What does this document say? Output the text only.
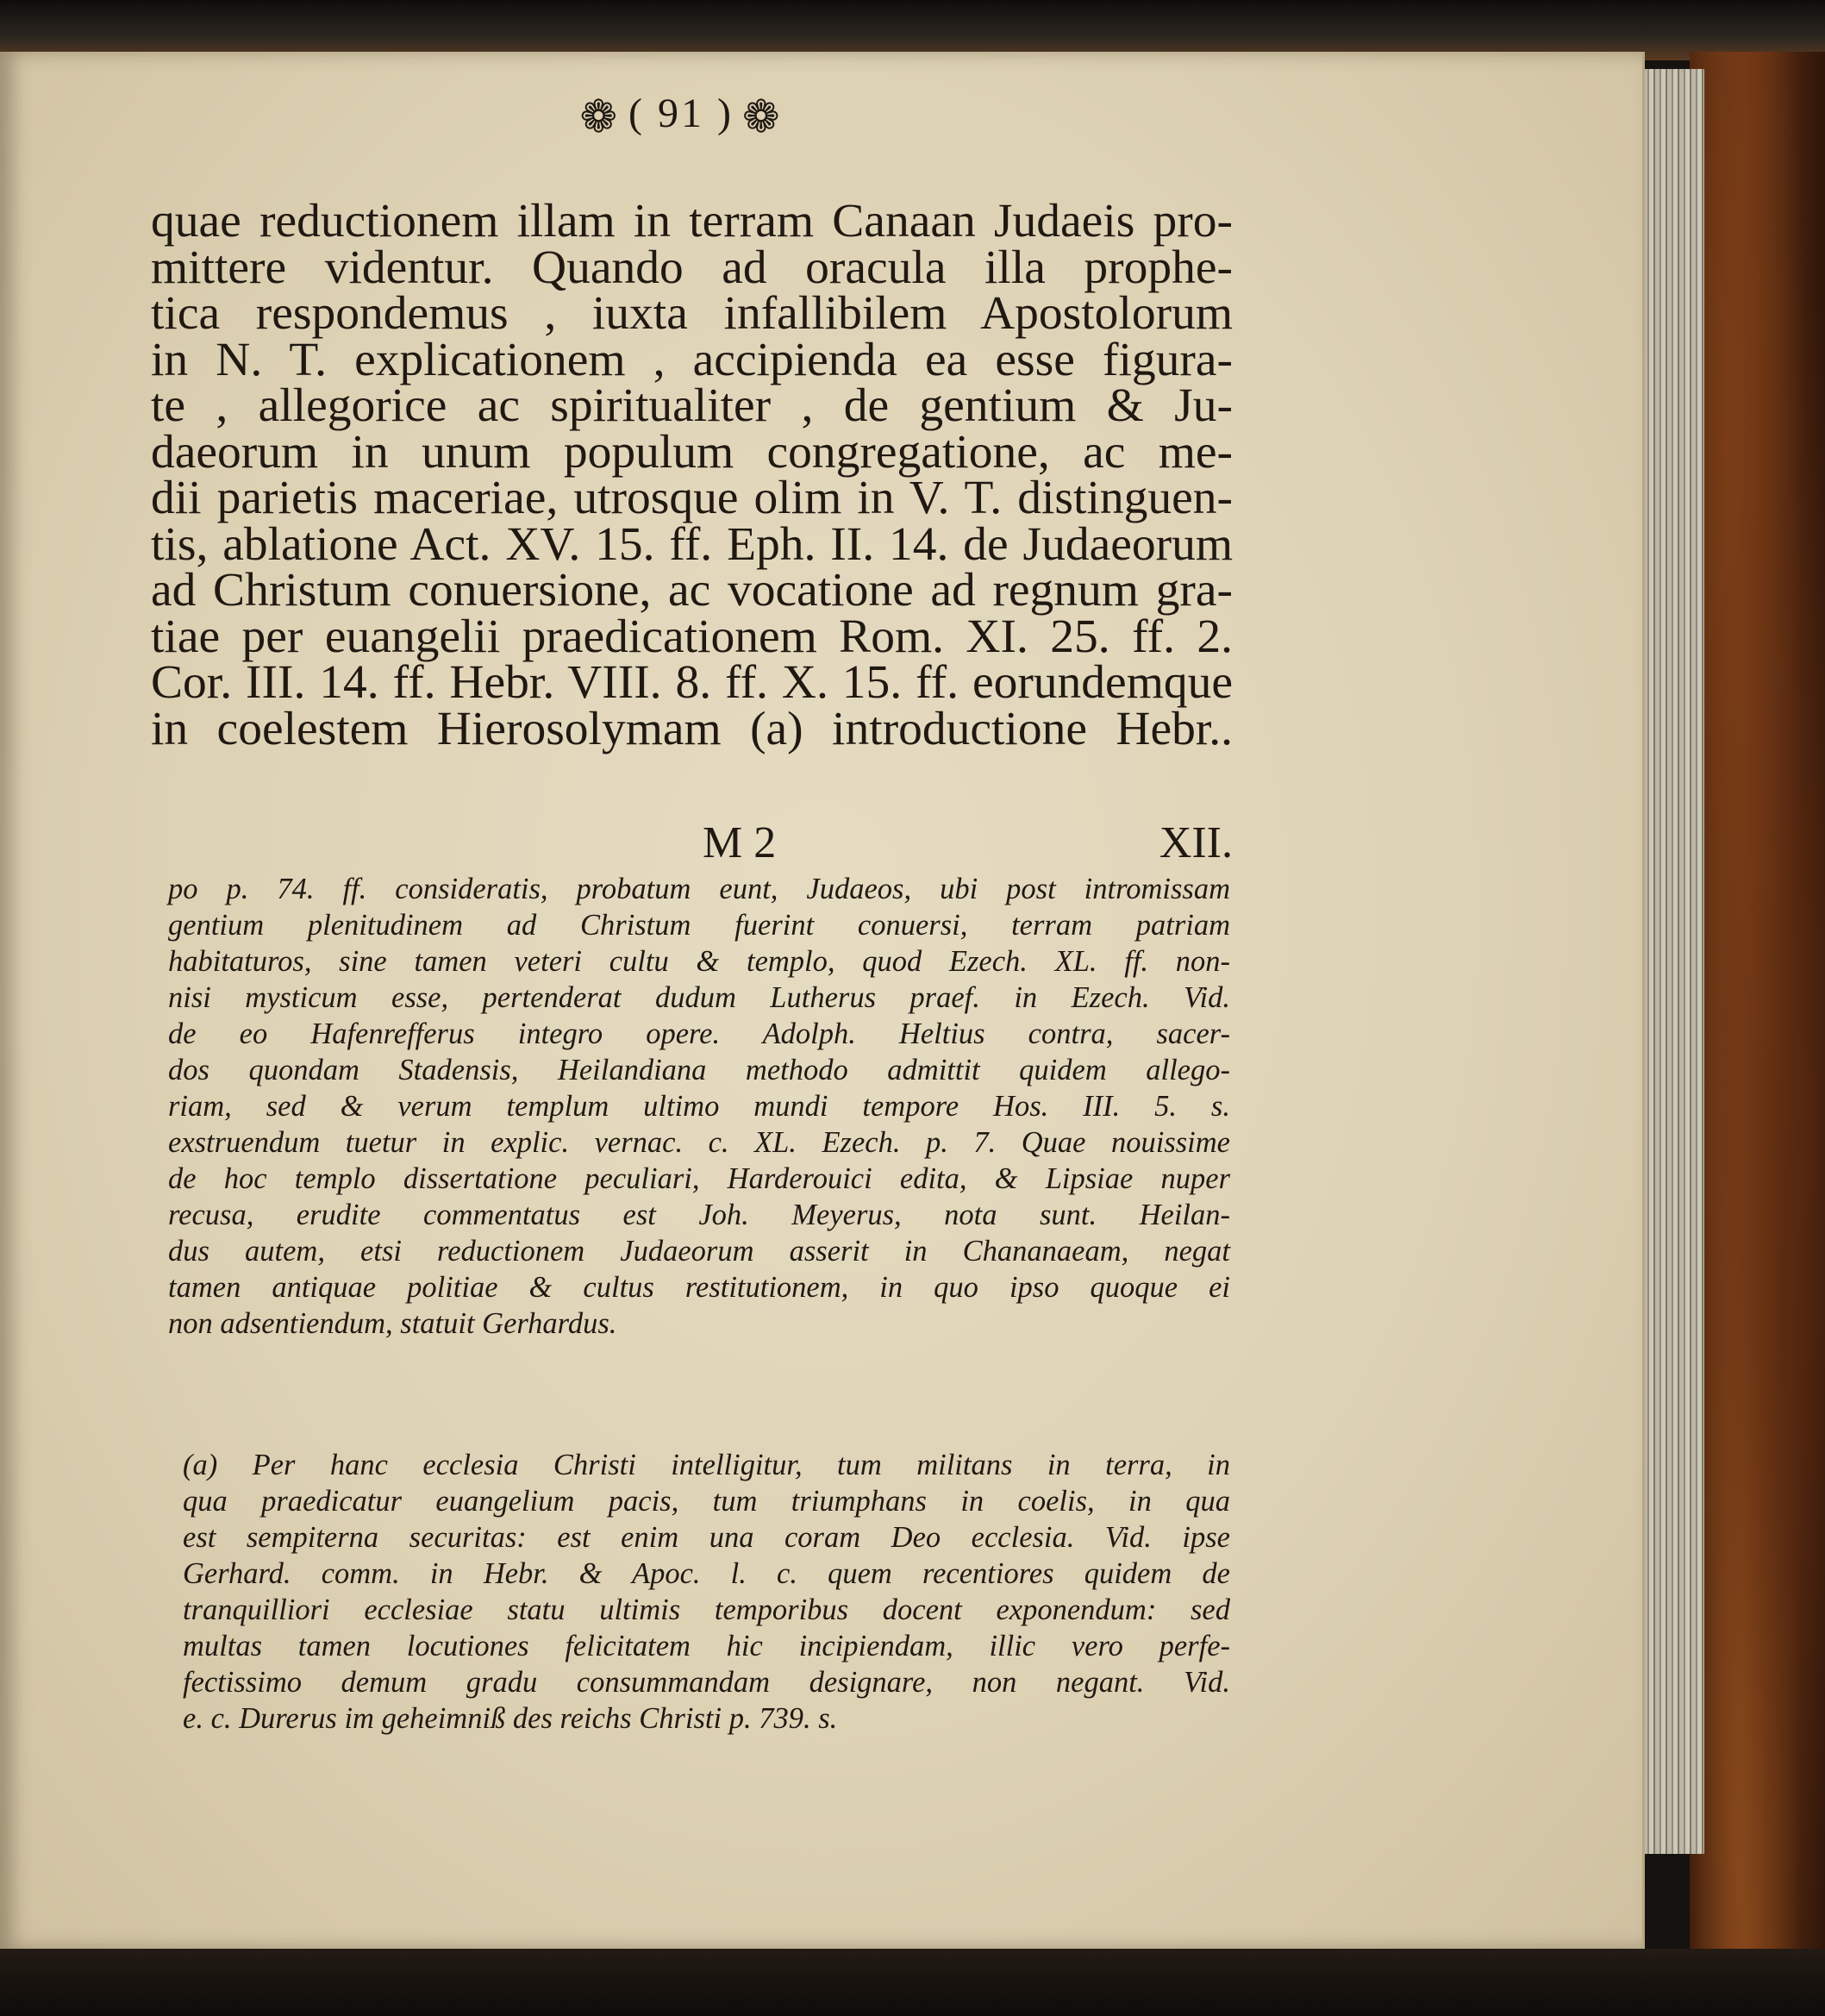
❁ ( 91 ) ❁
quae reductionem illam in terram Canaan Judaeis pro-
mittere videntur. Quando ad oracula illa prophe-
tica respondemus , iuxta infallibilem Apostolorum
in N. T. explicationem , accipienda ea esse figura-
te , allegorice ac spiritualiter , de gentium & Ju-
daeorum in unum populum congregatione, ac me-
dii parietis maceriae, utrosque olim in V. T. distinguen-
tis, ablatione Act. XV. 15. ff. Eph. II. 14. de Judaeorum
ad Christum conuersione, ac vocatione ad regnum gra-
tiae per euangelii praedicationem Rom. XI. 25. ff. 2.
Cor. III. 14. ff. Hebr. VIII. 8. ff. X. 15. ff. eorundemque
in coelestem Hierosolymam (a) introductione Hebr..
M 2	XII.
po p. 74. ff. consideratis, probatum eunt, Judaeos, ubi post intromissam
gentium plenitudinem ad Christum fuerint conuersi, terram patriam
habitaturos, sine tamen veteri cultu & templo, quod Ezech. XL. ff. non-
nisi mysticum esse, pertenderat dudum Lutherus praef. in Ezech. Vid.
de eo Hafenrefferus integro opere. Adolph. Heltius contra, sacer-
dos quondam Stadensis, Heilandiana methodo admittit quidem allego-
riam, sed & verum templum ultimo mundi tempore Hos. III. 5. s.
exstruendum tuetur in explic. vernac. c. XL. Ezech. p. 7. Quae nouissime
de hoc templo dissertatione peculiari, Harderouici edita, & Lipsiae nuper
recusa, erudite commentatus est Joh. Meyerus, nota sunt. Heilan-
dus autem, etsi reductionem Judaeorum asserit in Chananaeam, negat
tamen antiquae politiae & cultus restitutionem, in quo ipso quoque ei
non adsentiendum, statuit Gerhardus.
(a) Per hanc ecclesia Christi intelligitur, tum militans in terra, in
qua praedicatur euangelium pacis, tum triumphans in coelis, in qua
est sempiterna securitas: est enim una coram Deo ecclesia. Vid. ipse
Gerhard. comm. in Hebr. & Apoc. l. c. quem recentiores quidem de
tranquilliori ecclesiae statu ultimis temporibus docent exponendum: sed
multas tamen locutiones felicitatem hic incipiendam, illic vero perfe-
fectissimo demum gradu consummandam designare, non negant. Vid.
e. c. Durerus im geheimniß des reichs Christi p. 739. s.
